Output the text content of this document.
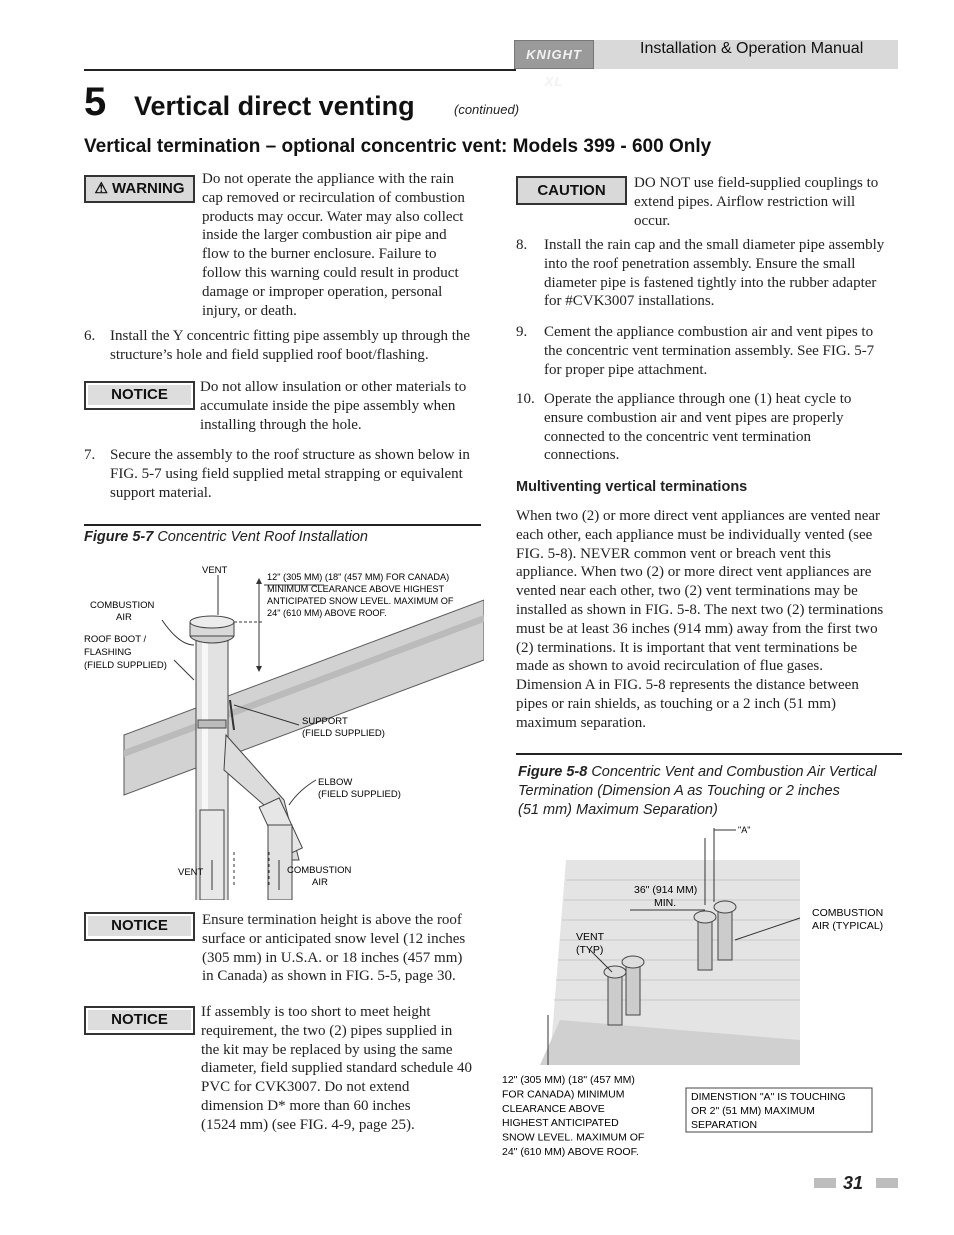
KNIGHT XL
Installation & Operation Manual
5 Vertical direct venting	(continued)
Vertical termination – optional concentric vent: Models 399 - 600 Only
⚠ WARNING
Do not operate the appliance with the rain
cap removed or recirculation of combustion
products may occur. Water may also collect
inside the larger combustion air pipe and
flow to the burner enclosure. Failure to
follow this warning could result in product
damage or improper operation, personal
injury, or death.
6. Install the Y concentric fitting pipe assembly up through the
structure’s hole and field supplied roof boot/flashing.
NOTICE	Do not allow insulation or other materials to
accumulate inside the pipe assembly when
installing through the hole.
7. Secure the assembly to the roof structure as shown below in
FIG. 5-7 using field supplied metal strapping or equivalent
support material.
Figure 5-7 Concentric Vent Roof Installation
VENT
12" (305 MM) (18" (457 MM) FOR CANADA) MINIMUM CLEARANCE ABOVE HIGHEST ANTICIPATED SNOW LEVEL. MAXIMUM OF 24" (610 MM) ABOVE ROOF.
COMBUSTION AIR
ROOF BOOT / FLASHING (FIELD SUPPLIED)
SUPPORT (FIELD SUPPLIED)
ELBOW (FIELD SUPPLIED)
VENT	COMBUSTION AIR
NOTICE	Ensure termination height is above the roof
surface or anticipated snow level (12 inches
(305 mm) in U.S.A. or 18 inches (457 mm)
in Canada) as shown in FIG. 5-5, page 30.
NOTICE	If assembly is too short to meet height
requirement, the two (2) pipes supplied in
the kit may be replaced by using the same
diameter, field supplied standard schedule 40
PVC for CVK3007. Do not extend
dimension D* more than 60 inches
(1524 mm) (see FIG. 4-9, page 25).
CAUTION	DO NOT use field-supplied couplings to
extend pipes. Airflow restriction will
occur.
8. Install the rain cap and the small diameter pipe assembly
into the roof penetration assembly. Ensure the small
diameter pipe is fastened tightly into the rubber adapter
for #CVK3007 installations.
9. Cement the appliance combustion air and vent pipes to
the concentric vent termination assembly. See FIG. 5-7
for proper pipe attachment.
10. Operate the appliance through one (1) heat cycle to
ensure combustion air and vent pipes are properly
connected to the concentric vent termination
connections.
Multiventing vertical terminations
When two (2) or more direct vent appliances are vented near
each other, each appliance must be individually vented (see
FIG. 5-8). NEVER common vent or breach vent this
appliance. When two (2) or more direct vent appliances are
vented near each other, two (2) vent terminations may be
installed as shown in FIG. 5-8. The next two (2) terminations
must be at least 36 inches (914 mm) away from the first two
(2) terminations. It is important that vent terminations be
made as shown to avoid recirculation of flue gases.
Dimension A in FIG. 5-8 represents the distance between
pipes or rain shields, as touching or a 2 inch (51 mm)
maximum separation.
Figure 5-8 Concentric Vent and Combustion Air Vertical
Termination (Dimension A as Touching or 2 inches
(51 mm) Maximum Separation)
"A"
36" (914 MM) MIN.
COMBUSTION AIR (TYPICAL)
VENT (TYP)
12" (305 MM) (18" (457 MM) FOR CANADA) MINIMUM CLEARANCE ABOVE HIGHEST ANTICIPATED SNOW LEVEL. MAXIMUM OF 24" (610 MM) ABOVE ROOF.
DIMENSTION "A" IS TOUCHING OR 2" (51 MM) MAXIMUM SEPARATION
31
